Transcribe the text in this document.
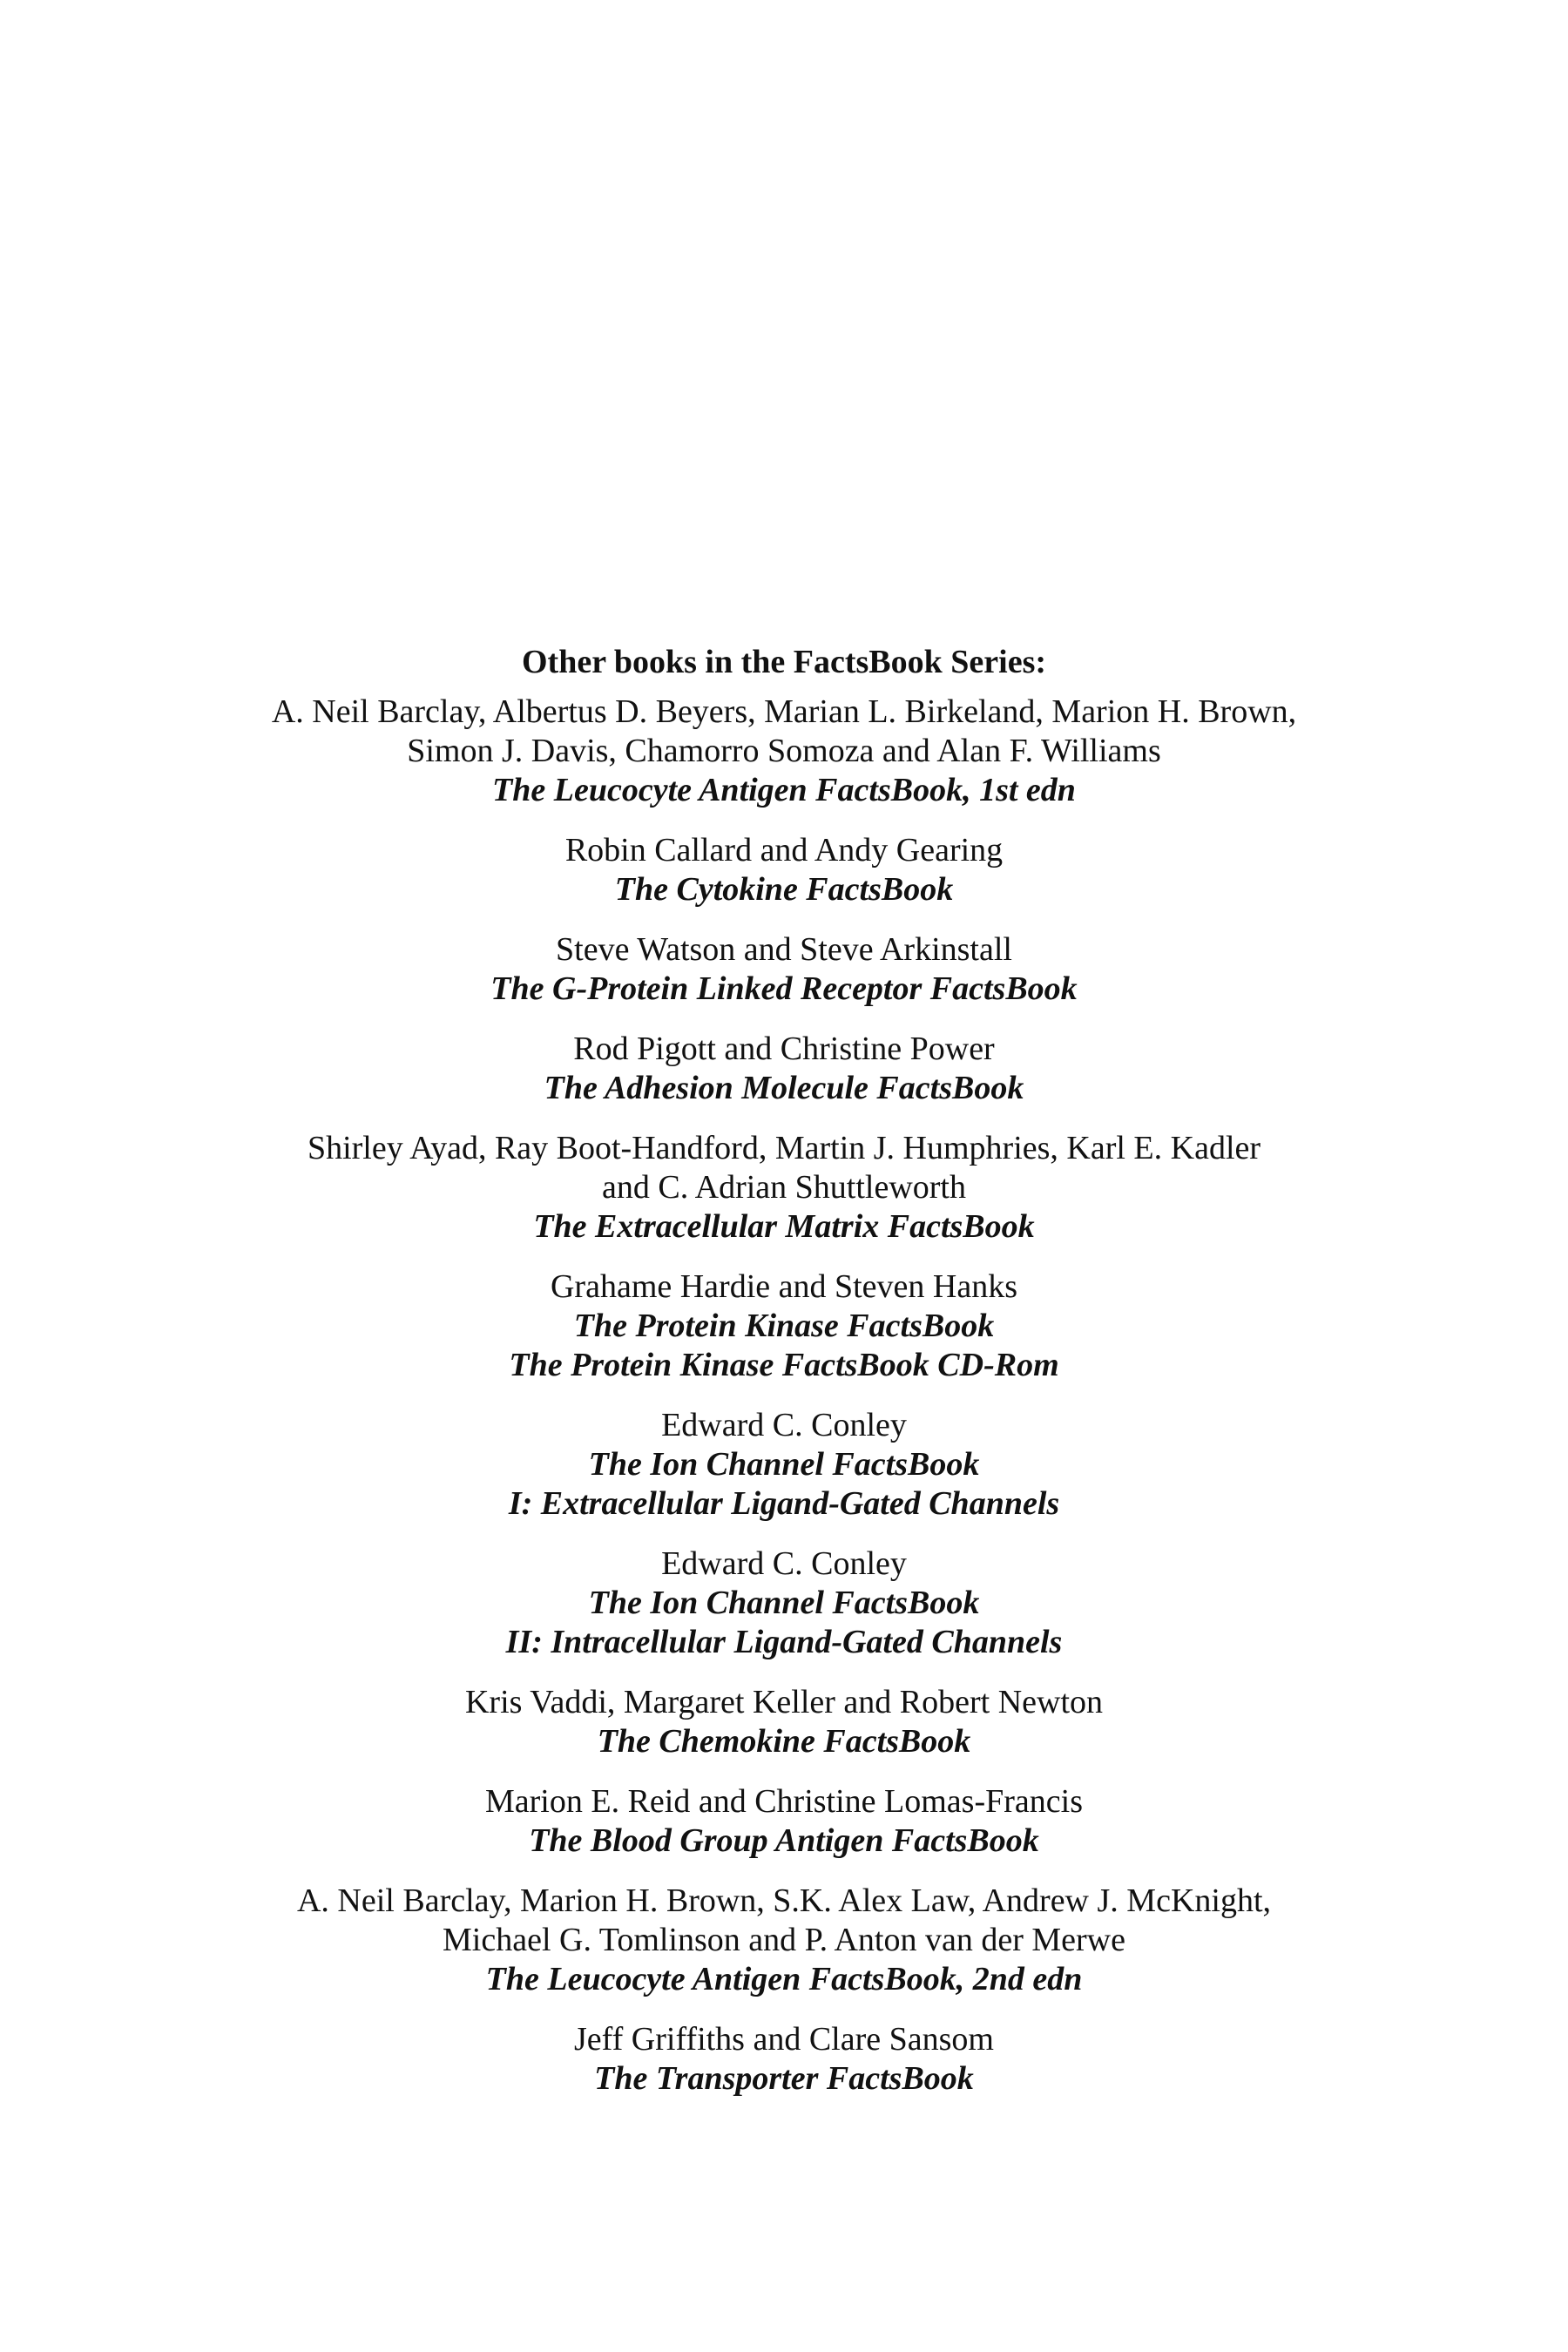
Other books in the FactsBook Series:
A. Neil Barclay, Albertus D. Beyers, Marian L. Birkeland, Marion H. Brown,
Simon J. Davis, Chamorro Somoza and Alan F. Williams
The Leucocyte Antigen FactsBook, 1st edn
Robin Callard and Andy Gearing
The Cytokine FactsBook
Steve Watson and Steve Arkinstall
The G-Protein Linked Receptor FactsBook
Rod Pigott and Christine Power
The Adhesion Molecule FactsBook
Shirley Ayad, Ray Boot-Handford, Martin J. Humphries, Karl E. Kadler
and C. Adrian Shuttleworth
The Extracellular Matrix FactsBook
Grahame Hardie and Steven Hanks
The Protein Kinase FactsBook
The Protein Kinase FactsBook CD-Rom
Edward C. Conley
The Ion Channel FactsBook
I: Extracellular Ligand-Gated Channels
Edward C. Conley
The Ion Channel FactsBook
II: Intracellular Ligand-Gated Channels
Kris Vaddi, Margaret Keller and Robert Newton
The Chemokine FactsBook
Marion E. Reid and Christine Lomas-Francis
The Blood Group Antigen FactsBook
A. Neil Barclay, Marion H. Brown, S.K. Alex Law, Andrew J. McKnight,
Michael G. Tomlinson and P. Anton van der Merwe
The Leucocyte Antigen FactsBook, 2nd edn
Jeff Griffiths and Clare Sansom
The Transporter FactsBook
